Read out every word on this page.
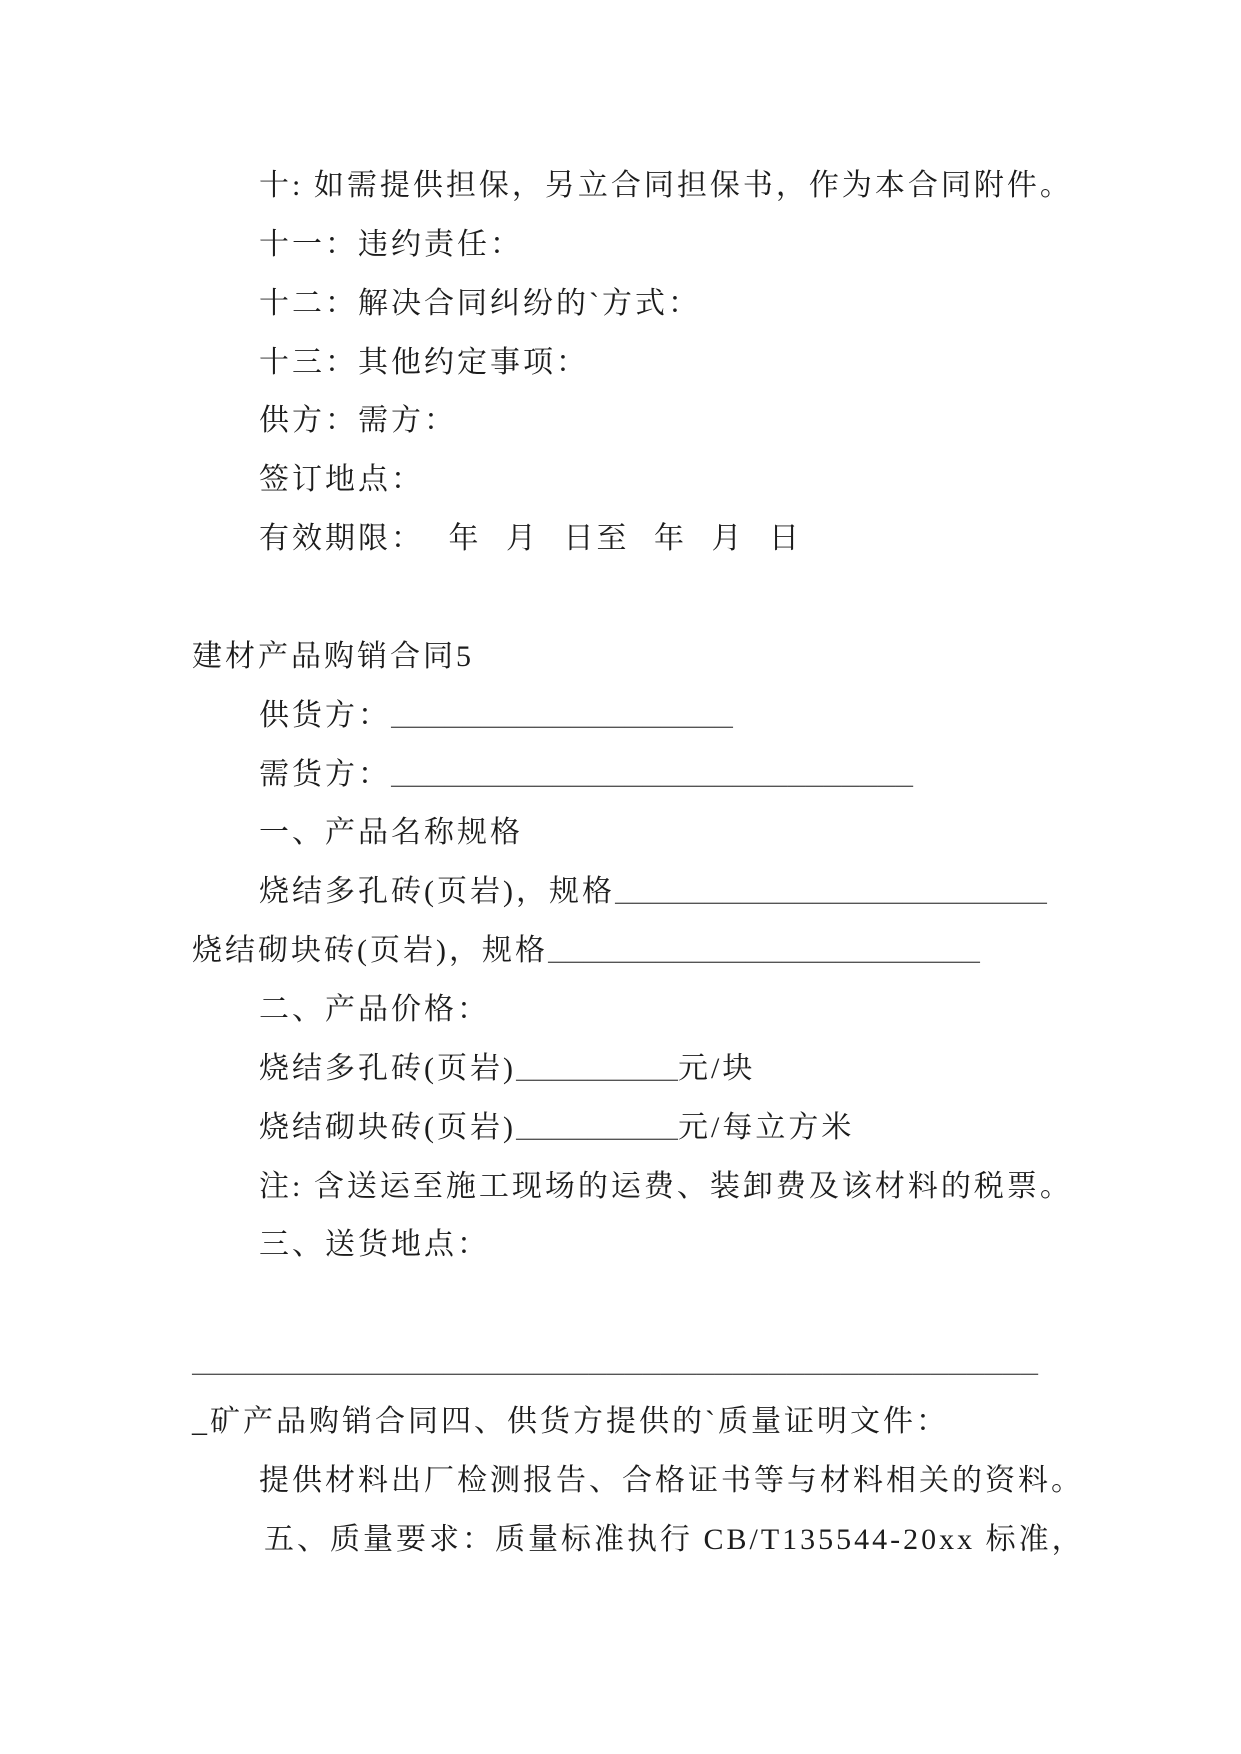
十: 如需提供担保，另立合同担保书，作为本合同附件。
十一：违约责任：
十二：解决合同纠纷的`方式：
十三：其他约定事项：
供方：需方：
签订地点：
有效期限： 年 月 日至 年 月 日
建材产品购销合同5
供货方：___________________
需货方：_____________________________
一、产品名称规格
烧结多孔砖(页岩)，规格________________________
烧结砌块砖(页岩)，规格________________________
二、产品价格：
烧结多孔砖(页岩)_________元/块
烧结砌块砖(页岩)_________元/每立方米
注: 含送运至施工现场的运费、装卸费及该材料的税票。
三、送货地点：
_______________________________________________
_矿产品购销合同四、供货方提供的`质量证明文件：
提供材料出厂检测报告、合格证书等与材料相关的资料。
五、质量要求：质量标准执行 CB/T135544-20xx 标准，
